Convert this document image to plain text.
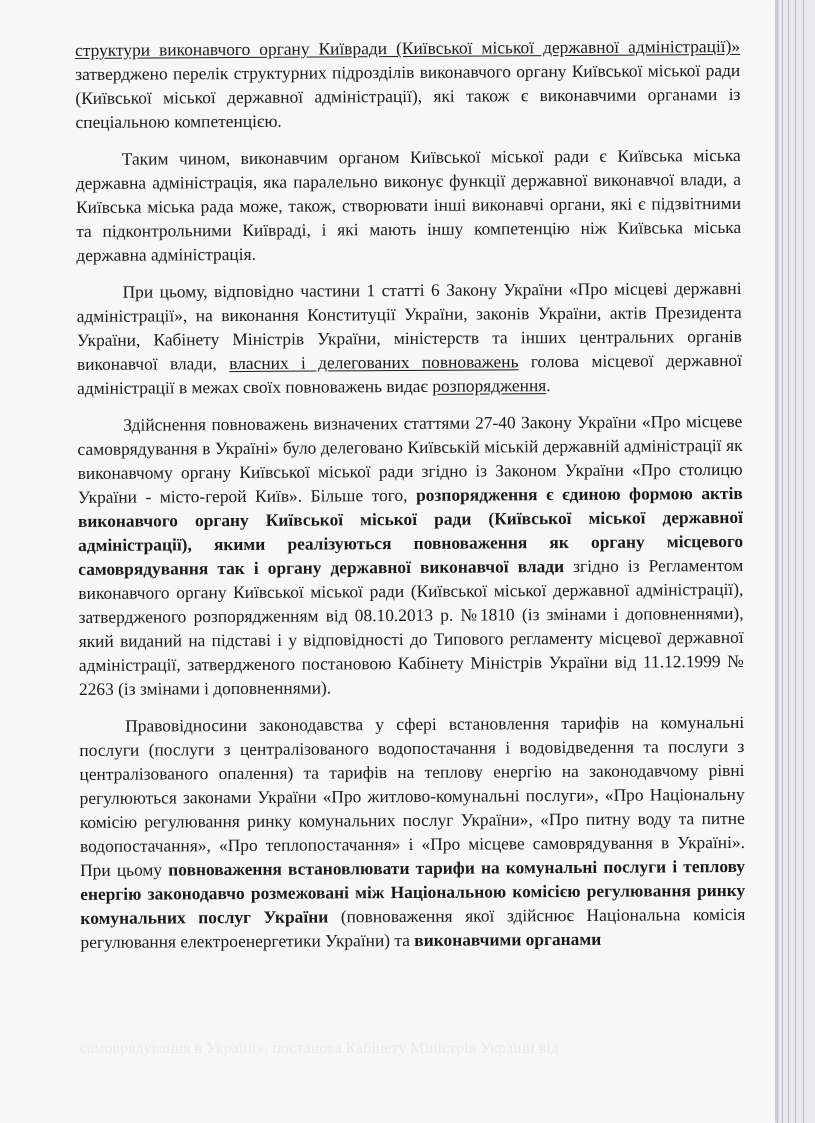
самоврядування в Україні», постанова Кабінету Міністрів України від

структури виконавчого органу Київради (Київської міської державної адміністрації)» затверджено перелік структурних підрозділів виконавчого органу Київської міської ради (Київської міської державної адміністрації), які також є виконавчими органами із спеціальною компетенцією.

Таким чином, виконавчим органом Київської міської ради є Київська міська державна адміністрація, яка паралельно виконує функції державної виконавчої влади, а Київська міська рада може, також, створювати інші виконавчі органи, які є підзвітними та підконтрольними Київраді, і які мають іншу компетенцію ніж Київська міська державна адміністрація.

При цьому, відповідно частини 1 статті 6 Закону України «Про місцеві державні адміністрації», на виконання Конституції України, законів України, актів Президента України, Кабінету Міністрів України, міністерств та інших центральних органів виконавчої влади, власних і делегованих повноважень голова місцевої державної адміністрації в межах своїх повноважень видає розпорядження.

Здійснення повноважень визначених статтями 27-40 Закону України «Про місцеве самоврядування в Україні» було делеговано Київській міській державній адміністрації як виконавчому органу Київської міської ради згідно із Законом України «Про столицю України - місто-герой Київ». Більше того, розпорядження є єдиною формою актів виконавчого органу Київської міської ради (Київської міської державної адміністрації), якими реалізуються повноваження як органу місцевого самоврядування так і органу державної виконавчої влади згідно із Регламентом виконавчого органу Київської міської ради (Київської міської державної адміністрації), затвердженого розпорядженням від 08.10.2013 р. №1810 (із змінами і доповненнями), який виданий на підставі і у відповідності до Типового регламенту місцевої державної адміністрації, затвердженого постановою Кабінету Міністрів України від 11.12.1999 № 2263 (із змінами і доповненнями).

Правовідносини законодавства у сфері встановлення тарифів на комунальні послуги (послуги з централізованого водопостачання і водовідведення та послуги з централізованого опалення) та тарифів на теплову енергію на законодавчому рівні регулюються законами України «Про житлово-комунальні послуги», «Про Національну комісію регулювання ринку комунальних послуг України», «Про питну воду та питне водопостачання», «Про теплопостачання» і «Про місцеве самоврядування в Україні». При цьому повноваження встановлювати тарифи на комунальні послуги і теплову енергію законодавчо розмежовані між Національною комісією регулювання ринку комунальних послуг України (повноваження якої здійснює Національна комісія регулювання електроенергетики України) та виконавчими органами
